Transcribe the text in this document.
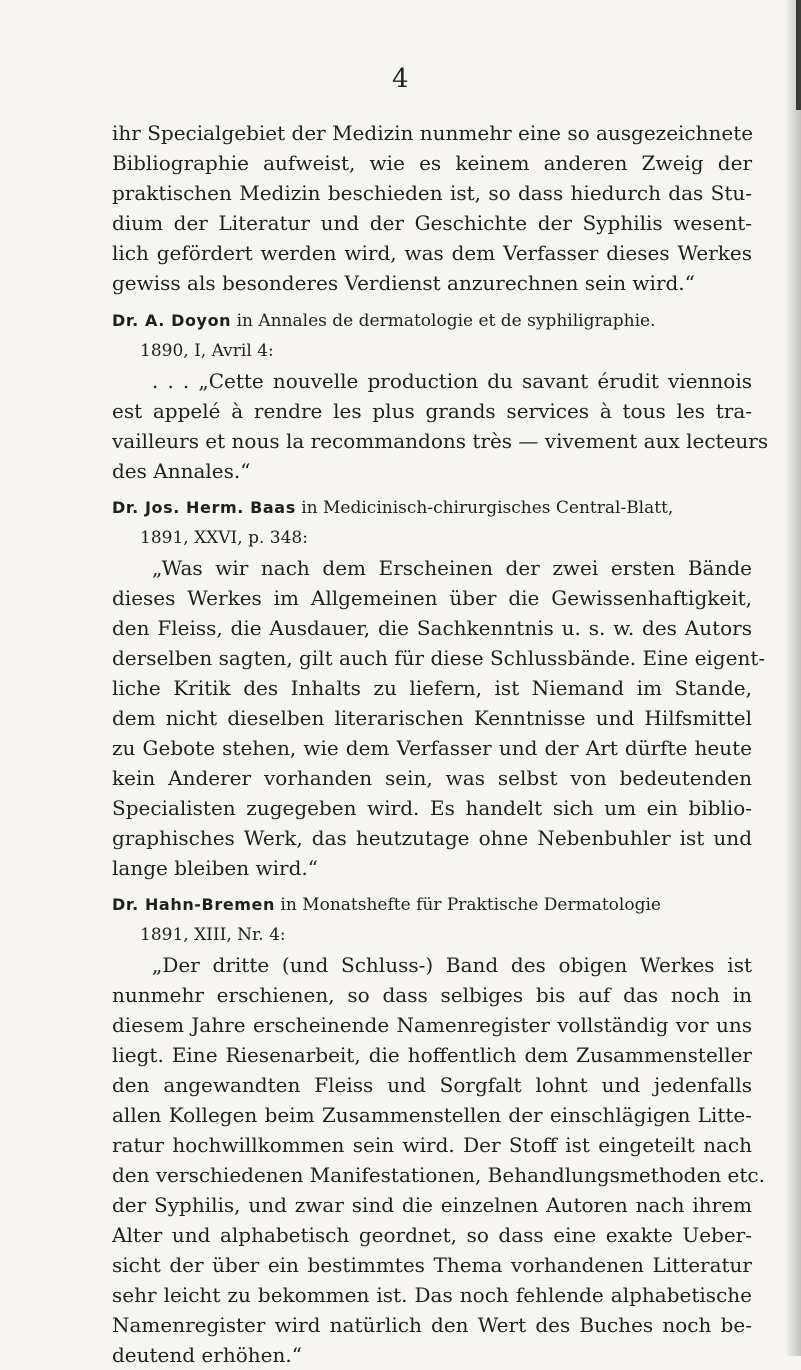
4
ihr Specialgebiet der Medizin nunmehr eine so ausgezeichnete
Bibliographie aufweist, wie es keinem anderen Zweig der
praktischen Medizin beschieden ist, so dass hiedurch das Stu-
dium der Literatur und der Geschichte der Syphilis wesent-
lich gefördert werden wird, was dem Verfasser dieses Werkes
gewiss als besonderes Verdienst anzurechnen sein wird.“
Dr. A. Doyon in Annales de dermatologie et de syphiligraphie.
1890, I, Avril 4:
. . . „Cette nouvelle production du savant érudit viennois
est appelé à rendre les plus grands services à tous les tra-
vailleurs et nous la recommandons très — vivement aux lecteurs
des Annales.“
Dr. Jos. Herm. Baas in Medicinisch-chirurgisches Central-Blatt,
1891, XXVI, p. 348:
„Was wir nach dem Erscheinen der zwei ersten Bände
dieses Werkes im Allgemeinen über die Gewissenhaftigkeit,
den Fleiss, die Ausdauer, die Sachkenntnis u. s. w. des Autors
derselben sagten, gilt auch für diese Schlussbände. Eine eigent-
liche Kritik des Inhalts zu liefern, ist Niemand im Stande,
dem nicht dieselben literarischen Kenntnisse und Hilfsmittel
zu Gebote stehen, wie dem Verfasser und der Art dürfte heute
kein Anderer vorhanden sein, was selbst von bedeutenden
Specialisten zugegeben wird. Es handelt sich um ein biblio-
graphisches Werk, das heutzutage ohne Nebenbuhler ist und
lange bleiben wird.“
Dr. Hahn-Bremen in Monatshefte für Praktische Dermatologie
1891, XIII, Nr. 4:
„Der dritte (und Schluss-) Band des obigen Werkes ist
nunmehr erschienen, so dass selbiges bis auf das noch in
diesem Jahre erscheinende Namenregister vollständig vor uns
liegt. Eine Riesenarbeit, die hoffentlich dem Zusammensteller
den angewandten Fleiss und Sorgfalt lohnt und jedenfalls
allen Kollegen beim Zusammenstellen der einschlägigen Litte-
ratur hochwillkommen sein wird. Der Stoff ist eingeteilt nach
den verschiedenen Manifestationen, Behandlungsmethoden etc.
der Syphilis, und zwar sind die einzelnen Autoren nach ihrem
Alter und alphabetisch geordnet, so dass eine exakte Ueber-
sicht der über ein bestimmtes Thema vorhandenen Litteratur
sehr leicht zu bekommen ist. Das noch fehlende alphabetische
Namenregister wird natürlich den Wert des Buches noch be-
deutend erhöhen.“
